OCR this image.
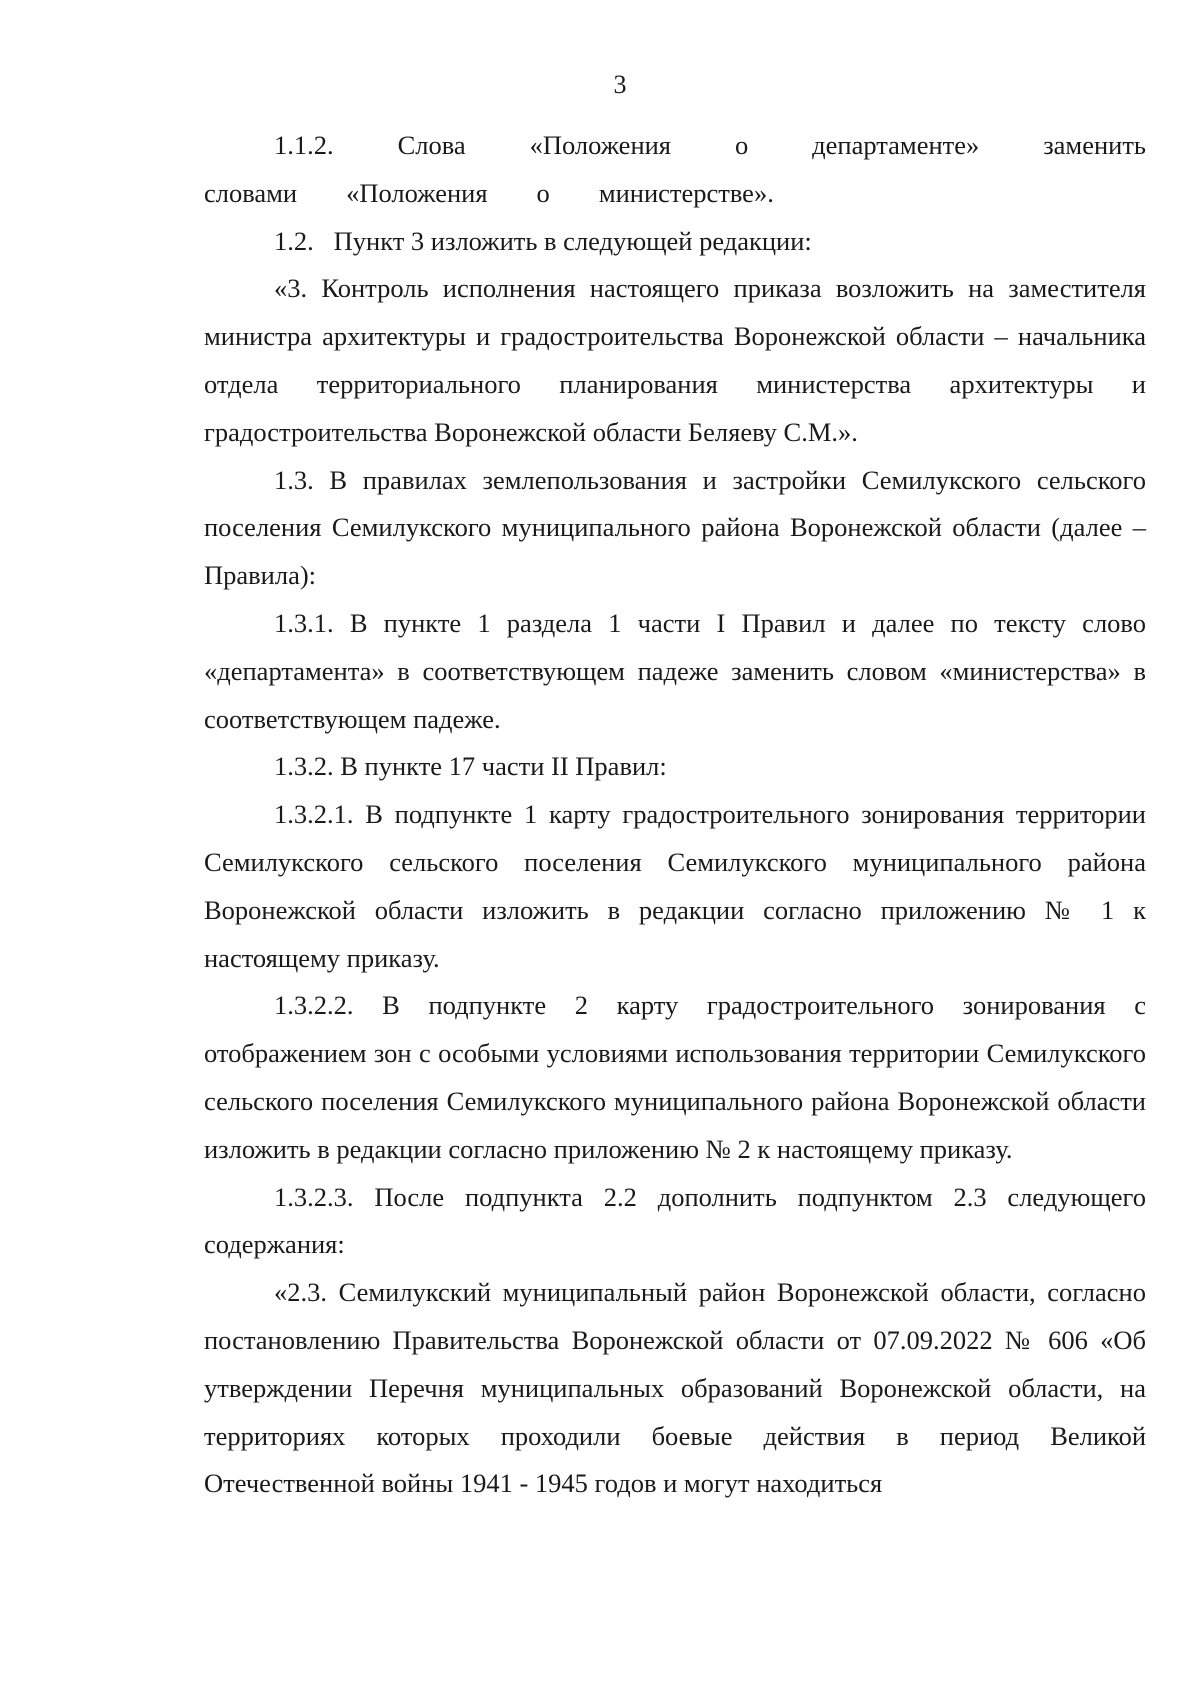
3

1.1.2. Слова «Положения о департаменте» заменить словами «Положения о министерстве».

1.2.   Пункт 3 изложить в следующей редакции:

«3. Контроль исполнения настоящего приказа возложить на заместителя министра архитектуры и градостроительства Воронежской области – начальника отдела территориального планирования министерства архитектуры и градостроительства Воронежской области Беляеву С.М.».

1.3. В правилах землепользования и застройки Семилукского сельского поселения Семилукского муниципального района Воронежской области (далее – Правила):

1.3.1. В пункте 1 раздела 1 части I Правил и далее по тексту слово «департамента» в соответствующем падеже заменить словом «министерства» в соответствующем падеже.

1.3.2. В пункте 17 части II Правил:

1.3.2.1. В подпункте 1 карту градостроительного зонирования территории Семилукского сельского поселения Семилукского муниципального района Воронежской области изложить в редакции согласно приложению № 1 к настоящему приказу.

1.3.2.2. В подпункте 2 карту градостроительного зонирования с отображением зон с особыми условиями использования территории Семилукского сельского поселения Семилукского муниципального района Воронежской области изложить в редакции согласно приложению № 2 к настоящему приказу.

1.3.2.3. После подпункта 2.2 дополнить подпунктом 2.3 следующего содержания:

«2.3. Семилукский муниципальный район Воронежской области, согласно постановлению Правительства Воронежской области от 07.09.2022 № 606 «Об утверждении Перечня муниципальных образований Воронежской области, на территориях которых проходили боевые действия в период Великой Отечественной войны 1941 - 1945 годов и могут находиться
